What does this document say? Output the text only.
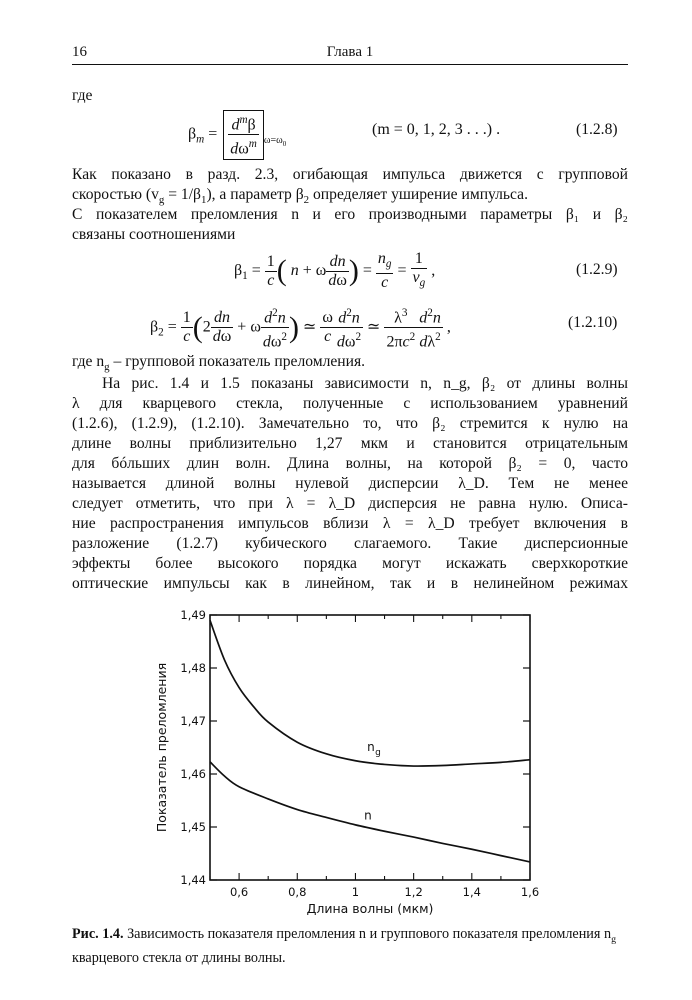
16	Глава 1
где
$\beta_m = \frac{d^m\beta}{d\omega^m} _{\omega=\omega_0}$
(m = 0, 1, 2, 3 . . .) .	(1.2.8)
Как показано в разд. 2.3, огибающая импульса движется с групповой
скоростью $(v_g = 1/\beta_1)$, а параметр $\beta_2$ определяет уширение импульса.
С показателем преломления n и его производными параметры β₁ и β₂
связаны соотношениями
$\beta_1 = \frac{1}{c}$ ( n + ω $\frac{dn}{d\omega}$ ) = $\frac{n_g}{c} = \frac{1}{v_g}$ ,	(1.2.9)
$\beta_2 = \frac{1}{c} (2 \frac{dn}{d\omega} + \omega \frac{d^2n}{d\omega^2}$ ) ≃ $\frac{\omega}{c} \frac{d^2n}{d\omega^2}$ ≃ $\frac{\lambda^3}{2\pi c^2} \frac{d^2n}{d\lambda^2}$ ,	(1.2.10)
где $n_g$ – групповой показатель преломления.
На рис. 1.4 и 1.5 показаны зависимости n, n_g, β₂ от длины волны
λ для кварцевого стекла, полученные с использованием уравнений
(1.2.6), (1.2.9), (1.2.10). Замечательно то, что β₂ стремится к нулю на
длине волны приблизительно 1,27 мкм и становится отрицательным
для бóльших длин волн. Длина волны, на которой β₂ = 0, часто
называется длиной волны нулевой дисперсии λ_D. Тем не менее
следует отметить, что при λ = λ_D дисперсия не равна нулю. Описа-
ние распространения импульсов вблизи λ = λ_D требует включения в
разложение (1.2.7) кубического слагаемого. Такие дисперсионные
эффекты более высокого порядка могут искажать сверхкороткие
оптические импульсы как в линейном, так и в нелинейном режимах
1,44
1,45
1,46
1,47
1,48
1,49
0,6	0,8	1	1,2	1,4	1,6
Длина волны (мкм)
Показатель преломления	n
n g
Рис. 1.4. Зависимость показателя преломления n и группового показателя преломления $n_g$ кварцевого стекла от длины волны.
